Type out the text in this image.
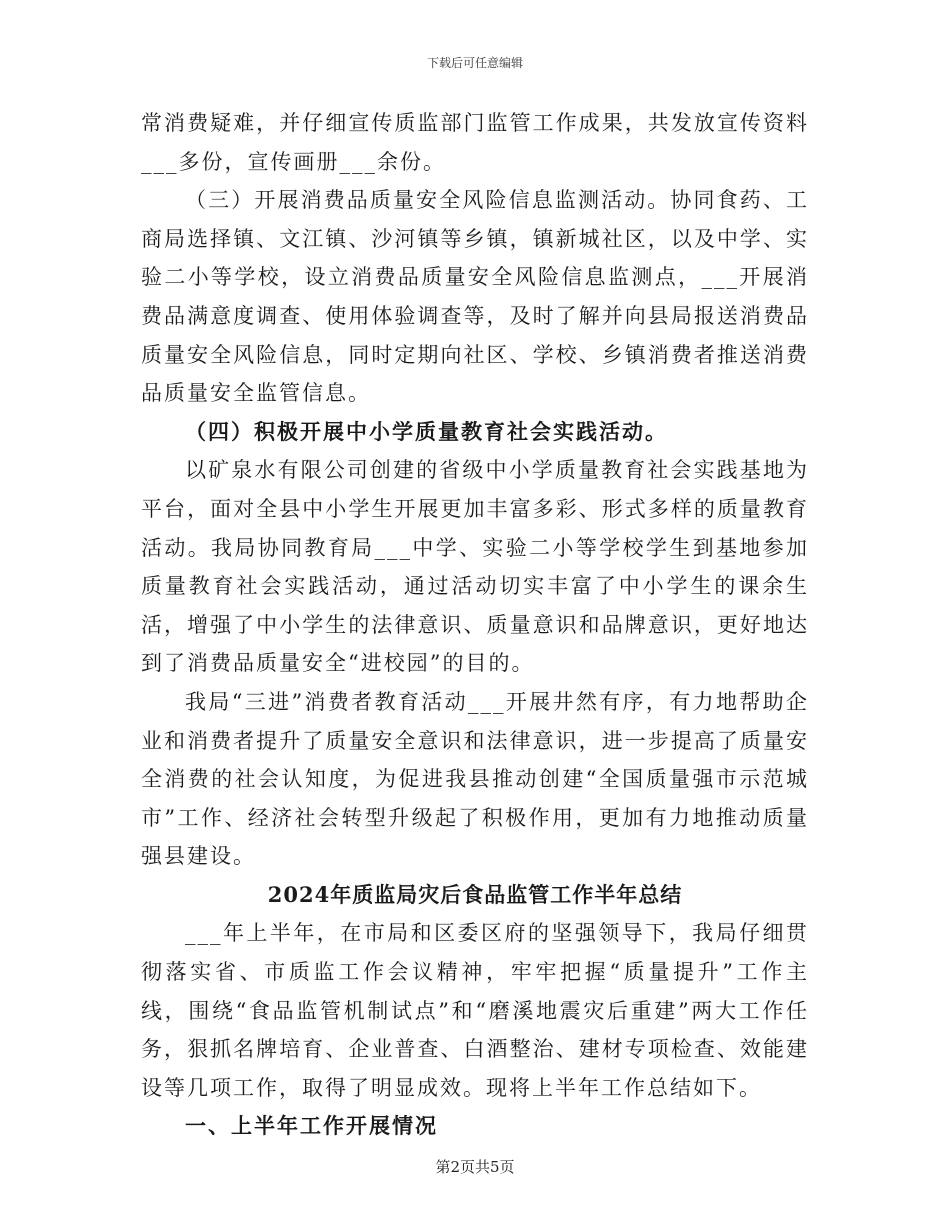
下载后可任意编辑

常消费疑难，并仔细宣传质监部门监管工作成果，共发放宣传资料___多份，宣传画册___余份。

（三）开展消费品质量安全风险信息监测活动。协同食药、工商局选择镇、文江镇、沙河镇等乡镇，镇新城社区，以及中学、实验二小等学校，设立消费品质量安全风险信息监测点，___开展消费品满意度调查、使用体验调查等，及时了解并向县局报送消费品质量安全风险信息，同时定期向社区、学校、乡镇消费者推送消费品质量安全监管信息。

（四）积极开展中小学质量教育社会实践活动。

以矿泉水有限公司创建的省级中小学质量教育社会实践基地为平台，面对全县中小学生开展更加丰富多彩、形式多样的质量教育活动。我局协同教育局___中学、实验二小等学校学生到基地参加质量教育社会实践活动，通过活动切实丰富了中小学生的课余生活，增强了中小学生的法律意识、质量意识和品牌意识，更好地达到了消费品质量安全“进校园”的目的。

我局“三进”消费者教育活动___开展井然有序，有力地帮助企业和消费者提升了质量安全意识和法律意识，进一步提高了质量安全消费的社会认知度，为促进我县推动创建“全国质量强市示范城市”工作、经济社会转型升级起了积极作用，更加有力地推动质量强县建设。

2024年质监局灾后食品监管工作半年总结

___年上半年，在市局和区委区府的坚强领导下，我局仔细贯彻落实省、市质监工作会议精神，牢牢把握“质量提升”工作主线，围绕“食品监管机制试点”和“磨溪地震灾后重建”两大工作任务，狠抓名牌培育、企业普查、白酒整治、建材专项检查、效能建设等几项工作，取得了明显成效。现将上半年工作总结如下。

一、上半年工作开展情况

第2页共5页
